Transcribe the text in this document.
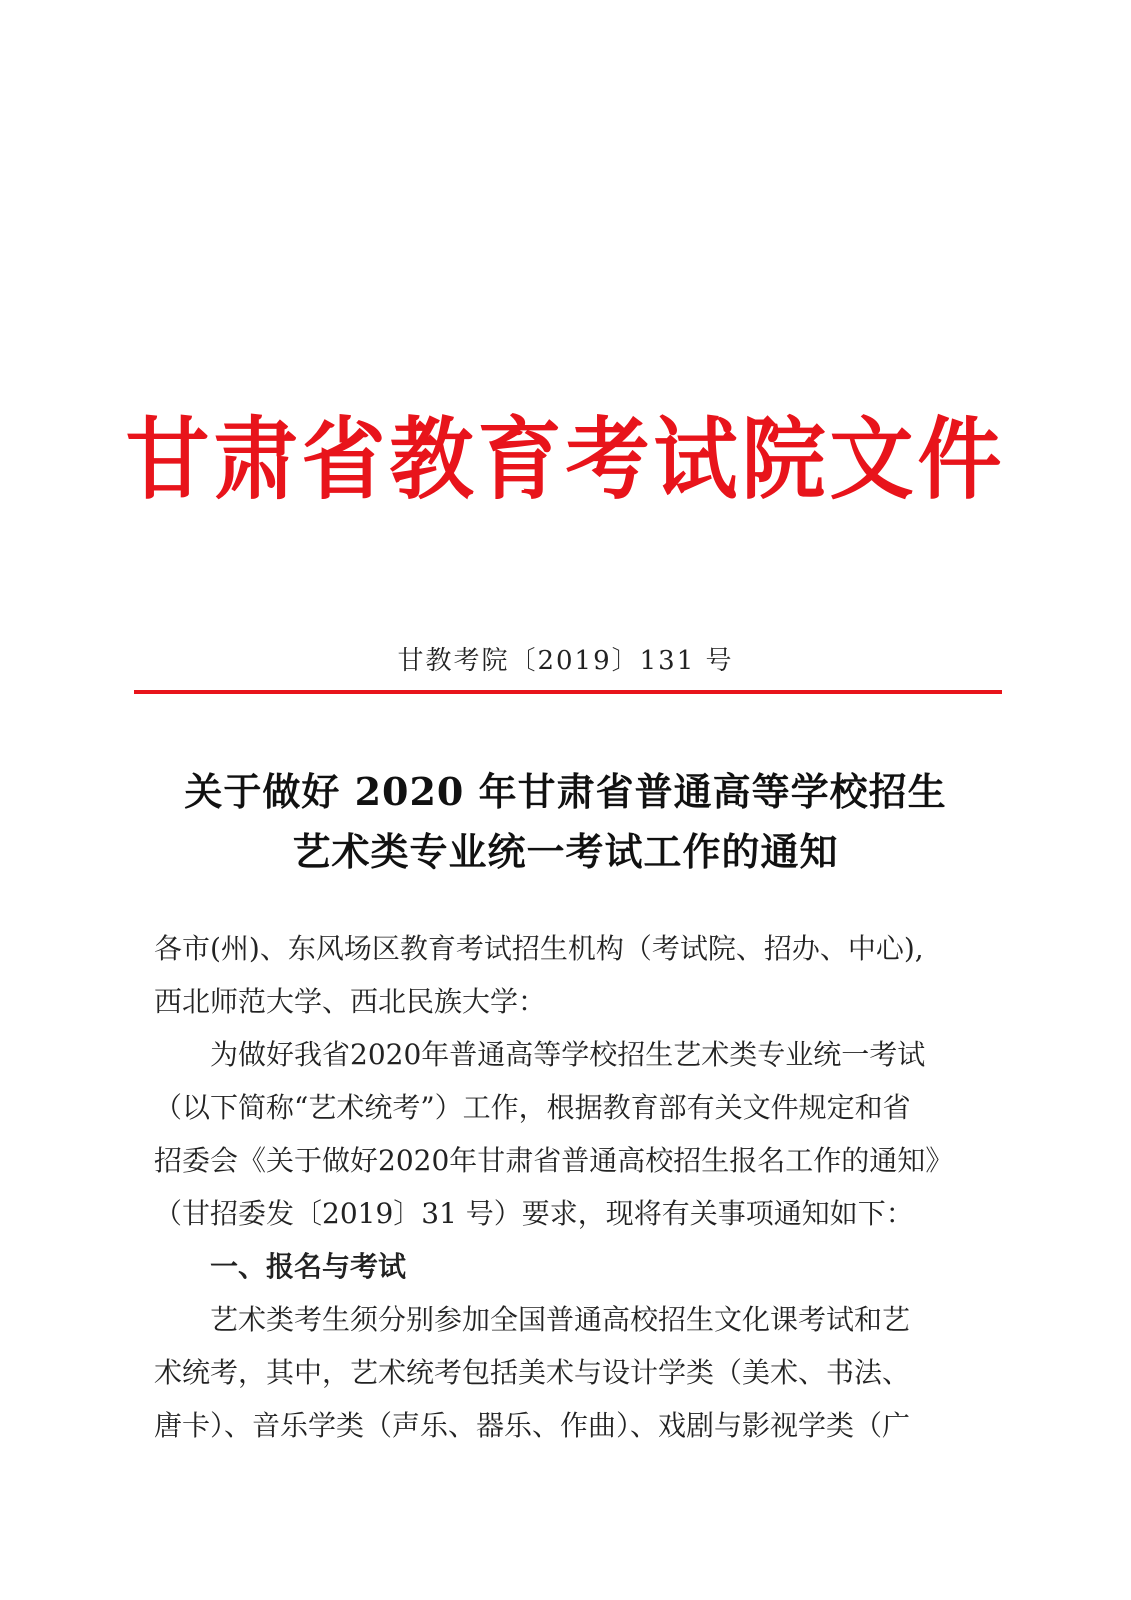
甘肃省教育考试院文件
甘教考院〔2019〕131 号
关于做好 2020 年甘肃省普通高等学校招生
艺术类专业统一考试工作的通知
各市(州)、东风场区教育考试招生机构（考试院、招办、中心),
西北师范大学、西北民族大学：
为做好我省2020年普通高等学校招生艺术类专业统一考试
（以下简称“艺术统考”）工作，根据教育部有关文件规定和省
招委会《关于做好2020年甘肃省普通高校招生报名工作的通知》
（甘招委发〔2019〕31 号）要求，现将有关事项通知如下：
一、报名与考试
艺术类考生须分别参加全国普通高校招生文化课考试和艺
术统考，其中，艺术统考包括美术与设计学类（美术、书法、
唐卡）、音乐学类（声乐、器乐、作曲）、戏剧与影视学类（广
